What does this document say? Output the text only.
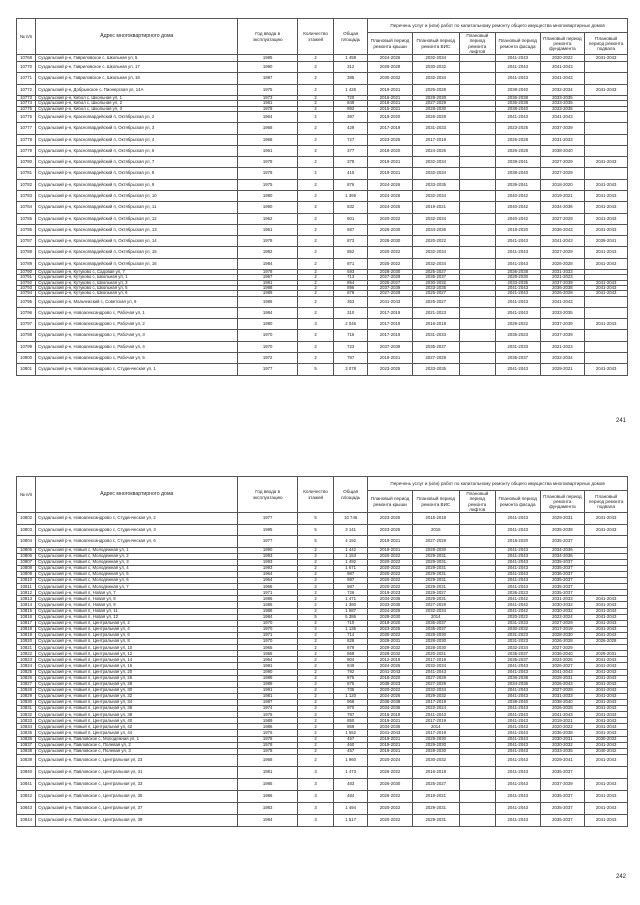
№ п/п	Адрес многоквартирного дома	Год ввода в эксплуатацию	Количество этажей	Общая площадь	Перечень услуг и (или) работ по капитальному ремонту общего имущества многоквартирных домов					
					Плановый период ремонта крыши	Плановый период ремонта ВИС	Плановый период ремонта лифтов	Плановый период ремонта фасада	Плановый период ремонта фундамента	Плановый период ремонта подвала
10768	Суздальский р-н, Гавриловское с, Школьная ул, 5	1985	2	1 459	2024-2026	2032-2034		2041-2043	2020-2022	2041-2043
10770	Суздальский р-н, Гавриловское с, Школьная ул, 17	1990	2	312	2026-2028	2030-2032		2041-2043	2041-2043	
10771	Суздальский р-н, Гавриловское с, Школьная ул, 18	1987	2	385	2030-2032	2032-2034		2041-2043	2041-2043	
10772	Суздальский р-н, Добрынское с, Пионерская ул, 14А	1975	2	1 426	2019-2021	2026-2028		2038-2040	2032-2034	2041-2043
10773	Суздальский р-н, Кибол с, Школьная ул, 1	1973	2	720	2016-2021	2028-2030		2036-2038	2033-2035	
10774	Суздальский р-н, Кибол с, Школьная ул, 2	1981	2	849	2018-2021	2027-2029		2036-2038	2033-2035	
10775	Суздальский р-н, Кибол с, Школьная ул, 3	1978	2	892	2015-2021	2028-2030		2038-2040	2033-2035	
10776	Суздальский р-н, Красногвардейский п, Октябрьская ул, 2	1964	2	397	2018-2020	2026-2028		2041-2043	2041-2043	
10777	Суздальский р-н, Красногвардейский п, Октябрьская ул, 3	1968	2	429	2017-2019	2031-2033		2023-2025	2037-2039	
10778	Суздальский р-н, Красногвардейский п, Октябрьская ул, 4	1968	2	727	2023-2025	2017-2019		2026-2028	2031-2033	
10779	Суздальский р-н, Красногвардейский п, Октябрьская ул, 6	1961	2	377	2018-2020	2024-2026		2026-2028	2038-2040	
10780	Суздальский р-н, Красногвардейский п, Октябрьская ул, 7	1978	2	378	2019-2021	2032-2034		2039-2041	2027-2029	2041-2043
10781	Суздальский р-н, Красногвардейский п, Октябрьская ул, 8	1978	2	415	2019-2021	2032-2034		2038-2040	2027-2029	
10782	Суздальский р-н, Красногвардейский п, Октябрьская ул, 9	1975	2	876	2024-2026	2033-2035		2039-2041	2018-2020	2041-2043
10783	Суздальский р-н, Красногвардейский п, Октябрьская ул, 10	1980	2	1 369	2024-2026	2032-2034		2040-2042	2019-2021	2041-2043
10784	Суздальский р-н, Красногвардейский п, Октябрьская ул, 11	1990	2	832	2024-2026	2019-2021		2040-2042	2034-2036	2041-2043
10785	Суздальский р-н, Красногвардейский п, Октябрьская ул, 12	1962	2	801	2020-2022	2032-2034		2040-2042	2027-2029	2041-2043
10786	Суздальский р-н, Красногвардейский п, Октябрьская ул, 13	1961	2	587	2026-2030	2034-2036		2018-2020	2036-2043	2041-2043
10787	Суздальский р-н, Красногвардейский п, Октябрьская ул, 14	1978	2	873	2028-2030	2020-2022		2041-2043	2041-2043	2039-2041
10788	Суздальский р-н, Красногвардейский п, Октябрьская ул, 15	1982	2	852	2020-2022	2032-2034		2041-2043	2027-2029	2041-2043
10789	Суздальский р-н, Красногвардейский п, Октябрьская ул, 16	1984	2	871	2025-2022	2032-2034		2041-2043	2026-2028	2041-2043
10790	Суздальский р-н, Кутуково с, Садовая ул, 7	1978	2	593	2028-2030	2025-2027		2036-2038	2031-2033	
10791	Суздальский р-н, Кутуково с, Школьная ул, 1	1967	2	713	2027-2029	2035-2037		2028-2030	2021-2023	
10792	Суздальский р-н, Кутуково с, Школьная ул, 3	1981	2	854	2025-2027	2030-2032		2033-2035	2037-2039	2041-2043
10793	Суздальский р-н, Кутуково с, Школьная ул, 5	1988	2	896	2037-2039	2033-2035		2041-2043	2036-2038	2041-2043
10794	Суздальский р-н, Кутуково с, Школьная ул, 6	1989	2	878	2027-2029	2025-2027		2041-2043	2026-2028	2041-2043
10795	Суздальский р-н, Мальчикский с, Советская ул, 9	1986	2	363	2041-2043	2025-2027		2041-2043	2041-2043	
10796	Суздальский р-н, Новоалександрово с, Рабочая ул, 1	1984	2	310	2017-2019	2021-2023		2041-2043	2033-2035	
10797	Суздальский р-н, Новоалександрово с, Рабочая ул, 2	1980	3	2 046	2017-2019	2016-2018		2029-2022	2037-2039	2041-2043
10798	Суздальский р-н, Новоалександрово с, Рабочая ул, 3	1970	2	716	2017-2019	2031-2033		2035-2023	2037-2039	
10799	Суздальский р-н, Новоалександрово с, Рабочая ул, 4	1970	2	723	2037-2039	2035-2037		2031-2033	2021-2023	
10800	Суздальский р-н, Новоалександрово с, Рабочая ул, 5	1972	2	797	2019-2021	2027-2029		2035-2037	2032-2034	
10801	Суздальский р-н, Новоалександрово с, Студенческая ул, 1	1977	5	3 078	2023-2025	2033-2035		2041-2043	2029-2021	2041-2043
241
№ п/п	Адрес многоквартирного дома	Год ввода в эксплуатацию	Количество этажей	Общая площадь	Перечень услуг и (или) работ по капитальному ремонту общего имущества многоквартирных домов					
					Плановый период ремонта крыши	Плановый период ремонта ВИС	Плановый период ремонта лифтов	Плановый период ремонта фасада	Плановый период ремонта фундамента	Плановый период ремонта подвала
10802	Суздальский р-н, Новоалександрово с, Студенческая ул, 2	1977	5	10 746	2023-2025	2016-2018		2041-2043	2029-2031	2041-2043
10803	Суздальский р-н, Новоалександрово с, Студенческая ул, 3	1985	5	3 141	2023-2025	2015		2041-2043	2035-2038	2041-2043
10804	Суздальский р-н, Новоалександрово с, Студенческая ул, 6	1977	5	4 192	2019-2021	2027-2029		2018-2020	2035-2037	
10805	Суздальский р-н, Новый с, Молодежная ул, 1	1990	2	1 442	2019-2021	2028-2030		2041-2043	2034-2036	
10806	Суздальский р-н, Новый с, Молодежная ул, 2	1993	2	1 153	2020-2022	2029-2031		2041-2043	2034-2036	
10807	Суздальский р-н, Новый с, Молодежная ул, 3	1993	2	1 492	2020-2022	2029-2031		2041-2043	2035-2037	
10808	Суздальский р-н, Новый с, Молодежная ул, 4	1993	2	1 671	2020-2022	2029-2031		2041-2043	2035-2037	
10809	Суздальский р-н, Новый с, Молодежная ул, 5	1964	2	987	2020-2022	2029-2031		2041-2043	2036-2037	
10810	Суздальский р-н, Новый с, Молодежная ул, 6	1964	2	987	2020-2022	2029-2031		2041-2043	2035-2037	
10811	Суздальский р-н, Новый с, Молодежная ул, 7	1966	2	987	2020-2022	2029-2031		2041-2043	2035-2037	
10812	Суздальский р-н, Новый п, Новая ул, 7	1971	2	726	2019-2023	2029-2027		2036-2023	2035-2037	
10813	Суздальский р-н, Новый п, Новая ул, 8	1986	2	1 471	2034-2036	2029-2031		2041-2042	2031-2033	2041-2043
10814	Суздальский р-н, Новый п, Новая ул, 9	1986	2	1 380	2033-2035	2027-2029		2041-2042	2030-2032	2041-2043
10815	Суздальский р-н, Новый п, Новая ул, 11	1986	2	1 587	2024-2026	2032-2034		2041-2042	2030-2032	2041-2043
10816	Суздальский р-н, Новый п, Новая ул, 12	1984	5	5 386	2028-2030	2014		2020-2022	2022-2024	2041-2043
10817	Суздальский р-н, Новый п, Центральная ул, 2	1970	2	710	2018-2020	2035-2037		2031-2033	2027-2029	2041-2043
10818	Суздальский р-н, Новый п, Центральная ул, 4	1970	2	1 135	2023-2025	2035-2037		2030-2032	2017-2019	2041-2043
10819	Суздальский р-н, Новый п, Центральная ул, 6	1971	2	714	2030-2022	2028-2030		2031-2023	2028-2030	2041-2043
10820	Суздальский р-н, Новый п, Центральная ул, 8	1970	2	828	2029-2031	2028-2030		2031-2023	2026-2028	2026-2028
10821	Суздальский р-н, Новый п, Центральная ул, 10	1965	2	879	2029-2032	2028-2030		2032-2034	2027-2029	
10822	Суздальский р-н, Новый п, Центральная ул, 12	1965	2	868	2029-2032	2020-2021		2035-2037	2036-2040	2029-2031
10823	Суздальский р-н, Новый п, Центральная ул, 14	1964	2	804	2012-2019	2017-2019		2035-2037	2024-2026	2041-2043
10824	Суздальский р-н, Новый п, Центральная ул, 16	1981	2	849	2024-2026	2032-2034		2041-2043	2026-2027	2041-2043
10825	Суздальский р-н, Новый п, Центральная ул, 20	1990	2	792	2041-2043	2041-2043		2041-2043	2041-2043	2041-2043
10826	Суздальский р-н, Новый п, Центральная ул, 26	1989	2	875	2018-2020	2027-2029		2036-2038	2028-2031	2041-2043
10827	Суздальский р-н, Новый п, Центральная ул, 28	1989	2	875	2035-2023	2027-2029		2034-2036	2026-2043	2041-2043
10828	Суздальский р-н, Новый п, Центральная ул, 30	1991	2	735	2020-2022	2032-2034		2041-2043	2027-2028	2041-2043
10829	Суздальский р-н, Новый п, Центральная ул, 32	1981	2	1 120	2024-2026	2029-2032		2041-2043	2031-2033	2041-2043
10830	Суздальский р-н, Новый п, Центральная ул, 34	1987	2	968	2036-2038	2017-2019		2038-2040	2038-2040	2041-2043
10831	Суздальский р-н, Новый п, Центральная ул, 36	1974	2	970	2034-2035	2022-2024		2041-2043	2026-2028	2041-2043
10832	Суздальский р-н, Новый п, Центральная ул, 38	1975	2	787	2016-2019	2041-2043		2041-2043	2041-2043	2041-2043
10833	Суздальский р-н, Новый п, Центральная ул, 40	1989	2	850	2019-2021	2017-2019		2041-2043	2019-2021	2041-2043
10834	Суздальский р-н, Новый п, Центральная ул, 42	1986	2	869	2034-2036	2014		2041-2043	2020-2022	2041-2043
10835	Суздальский р-н, Новый п, Центральная ул, 44	1976	2	1 552	2041-2043	2017-2019		2041-2043	2036-2038	2041-2043
10836	Суздальский р-н, Павловское с, Молодежная ул, 1	1978	2	457	2019-2021	2029-2030		2041-2043	2030-2031	2030-2033
10837	Суздальский р-н, Павловское с, Полевая ул, 2	1978	2	460	2019-2021	2029-2030		2041-2043	2030-2032	2041-2043
10838	Суздальский р-н, Павловское с, Полевая ул, 3	1978	2	457	2019-2021	2028-2030		2041-2043	2033-2035	2040-2042
10839	Суздальский р-н, Павловское с, Центральная ул, 23	1968	2	1 960	2020-2024	2030-2032		2041-2043	2029-2041	2041-2043
10840	Суздальский р-н, Павловское с, Центральная ул, 31	1981	3	1 473	2026-2022	2016-2018		2041-2043	2035-2037	
10841	Суздальский р-н, Павловское с, Центральная ул, 33	1985	3	483	2026-2030	2025-2027		2041-2043	2037-2039	2041-2043
10842	Суздальский р-н, Павловское с, Центральная ул, 35	1986	3	484	2026-2022	2019-2021		2041-2043	2035-2037	2041-2043
10843	Суздальский р-н, Павловское с, Центральная ул, 37	1983	3	1 494	2020-2022	2029-2031		2041-2043	2035-2037	2041-2043
10844	Суздальский р-н, Павловское с, Центральная ул, 39	1984	3	1 517	2020-2022	2029-2031		2041-2043	2035-2037	2041-2043
242
